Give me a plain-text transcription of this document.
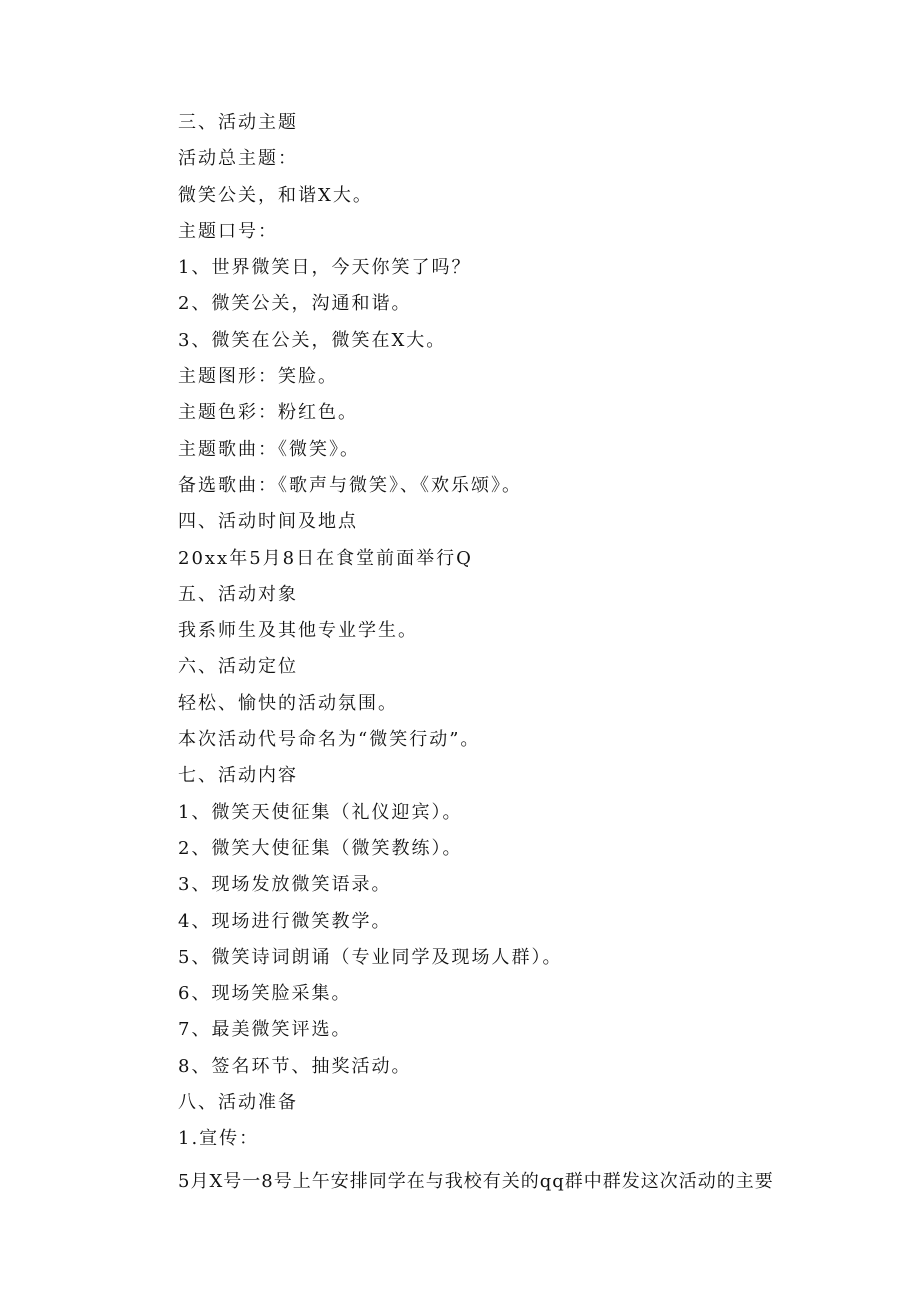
三、活动主题
活动总主题：
微笑公关，和谐X大。
主题口号：
1、世界微笑日，今天你笑了吗？
2、微笑公关，沟通和谐。
3、微笑在公关，微笑在X大。
主题图形：笑脸。
主题色彩：粉红色。
主题歌曲：《微笑》。
备选歌曲：《歌声与微笑》、《欢乐颂》。
四、活动时间及地点
20xx年5月8日在食堂前面举行Q
五、活动对象
我系师生及其他专业学生。
六、活动定位
轻松、愉快的活动氛围。
本次活动代号命名为“微笑行动”。
七、活动内容
1、微笑天使征集（礼仪迎宾）。
2、微笑大使征集（微笑教练）。
3、现场发放微笑语录。
4、现场进行微笑教学。
5、微笑诗词朗诵（专业同学及现场人群）。
6、现场笑脸采集。
7、最美微笑评选。
8、签名环节、抽奖活动。
八、活动准备
1.宣传：
5月X号一8号上午安排同学在与我校有关的qq群中群发这次活动的主要
